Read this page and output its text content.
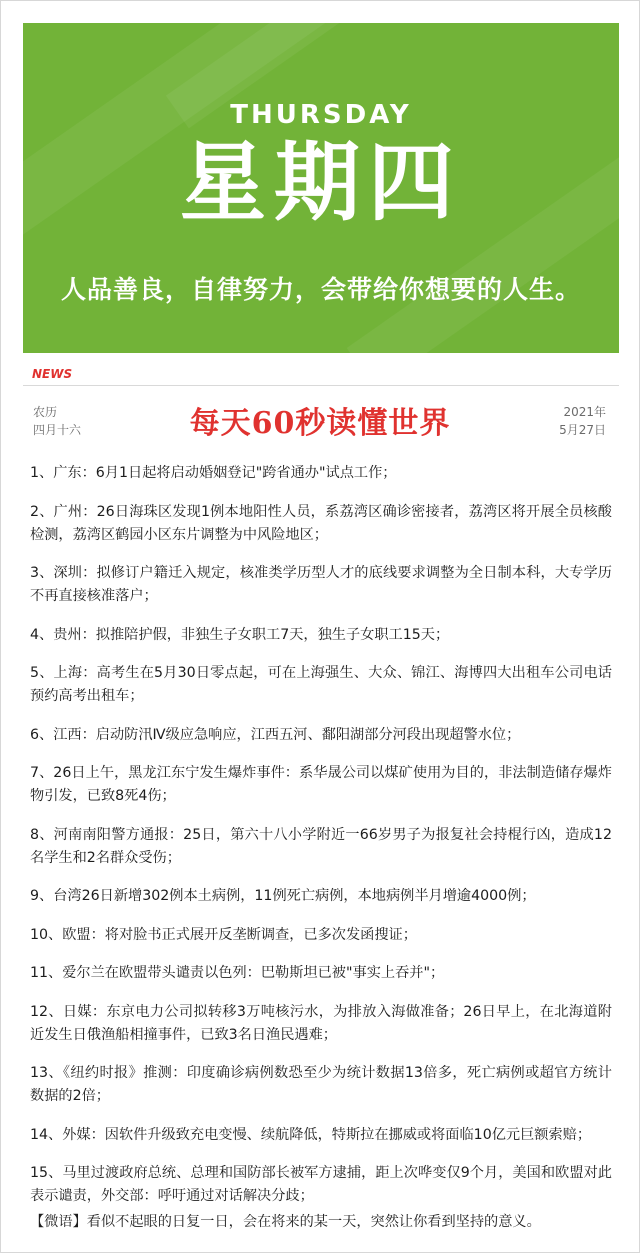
THURSDAY
星期四
人品善良，自律努力，会带给你想要的人生。
NEWS
农历
四月十六	每天60秒读懂世界	2021年
5月27日
1、广东：6月1日起将启动婚姻登记"跨省通办"试点工作；
2、广州：26日海珠区发现1例本地阳性人员，系荔湾区确诊密接者，荔湾区将开展全员核酸检测，荔湾区鹤园小区东片调整为中风险地区；
3、深圳：拟修订户籍迁入规定，核准类学历型人才的底线要求调整为全日制本科，大专学历不再直接核准落户；
4、贵州：拟推陪护假，非独生子女职工7天，独生子女职工15天；
5、上海：高考生在5月30日零点起，可在上海强生、大众、锦江、海博四大出租车公司电话预约高考出租车；
6、江西：启动防汛Ⅳ级应急响应，江西五河、鄱阳湖部分河段出现超警水位；
7、26日上午，黑龙江东宁发生爆炸事件：系华晟公司以煤矿使用为目的，非法制造储存爆炸物引发，已致8死4伤；
8、河南南阳警方通报：25日，第六十八小学附近一66岁男子为报复社会持棍行凶，造成12名学生和2名群众受伤；
9、台湾26日新增302例本土病例，11例死亡病例，本地病例半月增逾4000例；
10、欧盟：将对脸书正式展开反垄断调查，已多次发函搜证；
11、爱尔兰在欧盟带头谴责以色列：巴勒斯坦已被"事实上吞并"；
12、日媒：东京电力公司拟转移3万吨核污水，为排放入海做准备；26日早上，在北海道附近发生日俄渔船相撞事件，已致3名日渔民遇难；
13、《纽约时报》推测：印度确诊病例数恐至少为统计数据13倍多，死亡病例或超官方统计数据的2倍；
14、外媒：因软件升级致充电变慢、续航降低，特斯拉在挪威或将面临10亿元巨额索赔；
15、马里过渡政府总统、总理和国防部长被军方逮捕，距上次哗变仅9个月，美国和欧盟对此表示谴责，外交部：呼吁通过对话解决分歧；
【微语】看似不起眼的日复一日，会在将来的某一天，突然让你看到坚持的意义。
